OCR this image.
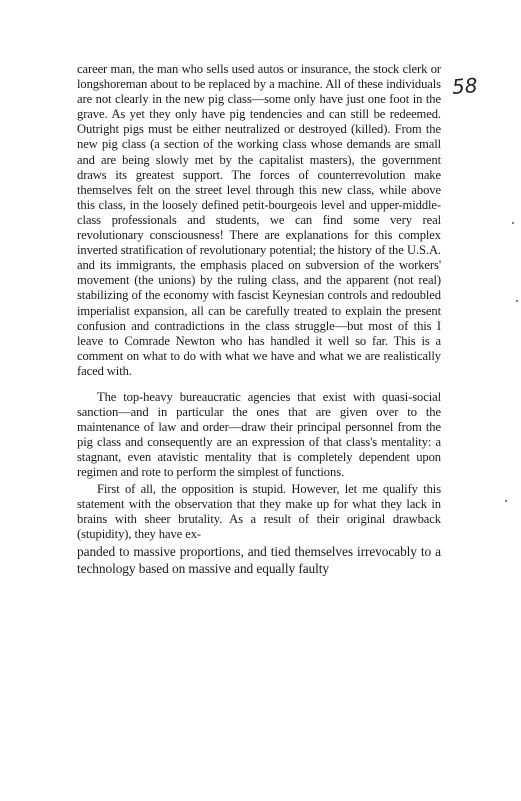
58

career man, the man who sells used autos or insurance, the stock clerk or longshoreman about to be replaced by a machine. All of these individuals are not clearly in the new pig class—some only have just one foot in the grave. As yet they only have pig tendencies and can still be redeemed. Outright pigs must be either neutralized or destroyed (killed). From the new pig class (a section of the working class whose demands are small and are being slowly met by the capitalist masters), the government draws its greatest support. The forces of counterrevolution make themselves felt on the street level through this new class, while above this class, in the loosely defined petit-bourgeois level and upper-middle-class professionals and students, we can find some very real revolutionary consciousness! There are explanations for this complex inverted stratification of revolutionary potential; the history of the U.S.A. and its immigrants, the emphasis placed on subversion of the workers' movement (the unions) by the ruling class, and the apparent (not real) stabilizing of the economy with fascist Keynesian controls and redoubled imperialist expansion, all can be carefully treated to explain the present confusion and contradictions in the class struggle—but most of this I leave to Comrade Newton who has handled it well so far. This is a comment on what to do with what we have and what we are realistically faced with.

The top-heavy bureaucratic agencies that exist with quasi-social sanction—and in particular the ones that are given over to the maintenance of law and order—draw their principal personnel from the pig class and consequently are an expression of that class's mentality: a stagnant, even atavistic mentality that is completely dependent upon regimen and rote to perform the simplest of functions.

First of all, the opposition is stupid. However, let me qualify this statement with the observation that they make up for what they lack in brains with sheer brutality. As a result of their original drawback (stupidity), they have ex-

panded to massive proportions, and tied themselves irrevocably to a technology based on massive and equally faulty
